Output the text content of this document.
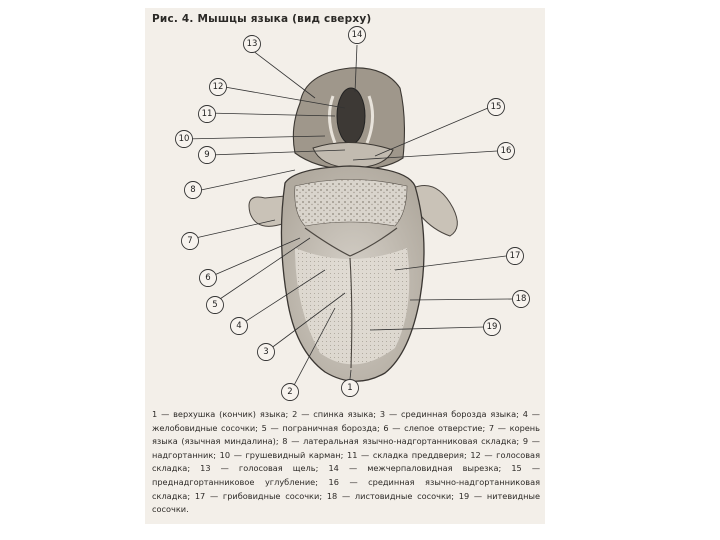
Рис. 4. Мышцы языка (вид сверху)
13
14
12
11
10
9
8
7
6
5
4
3
2	1
15
16
17
18
19
1 — верхушка (кончик) языка; 2 — спинка языка; 3 — срединная борозда языка; 4 — желобовидные сосочки; 5 — пограничная борозда; 6 — слепое отверстие; 7 — корень языка (язычная миндалина); 8 — латеральная язычно-надгортанниковая складка; 9 — надгортанник; 10 — грушевидный карман; 11 — складка преддверия; 12 — голосовая складка; 13 — голосовая щель; 14 — межчерпаловидная вырезка; 15 — преднадгортанниковое углубление; 16 — срединная язычно-надгортанниковая складка; 17 — грибовидные сосочки; 18 — листовидные сосочки; 19 — нитевидные сосочки.
